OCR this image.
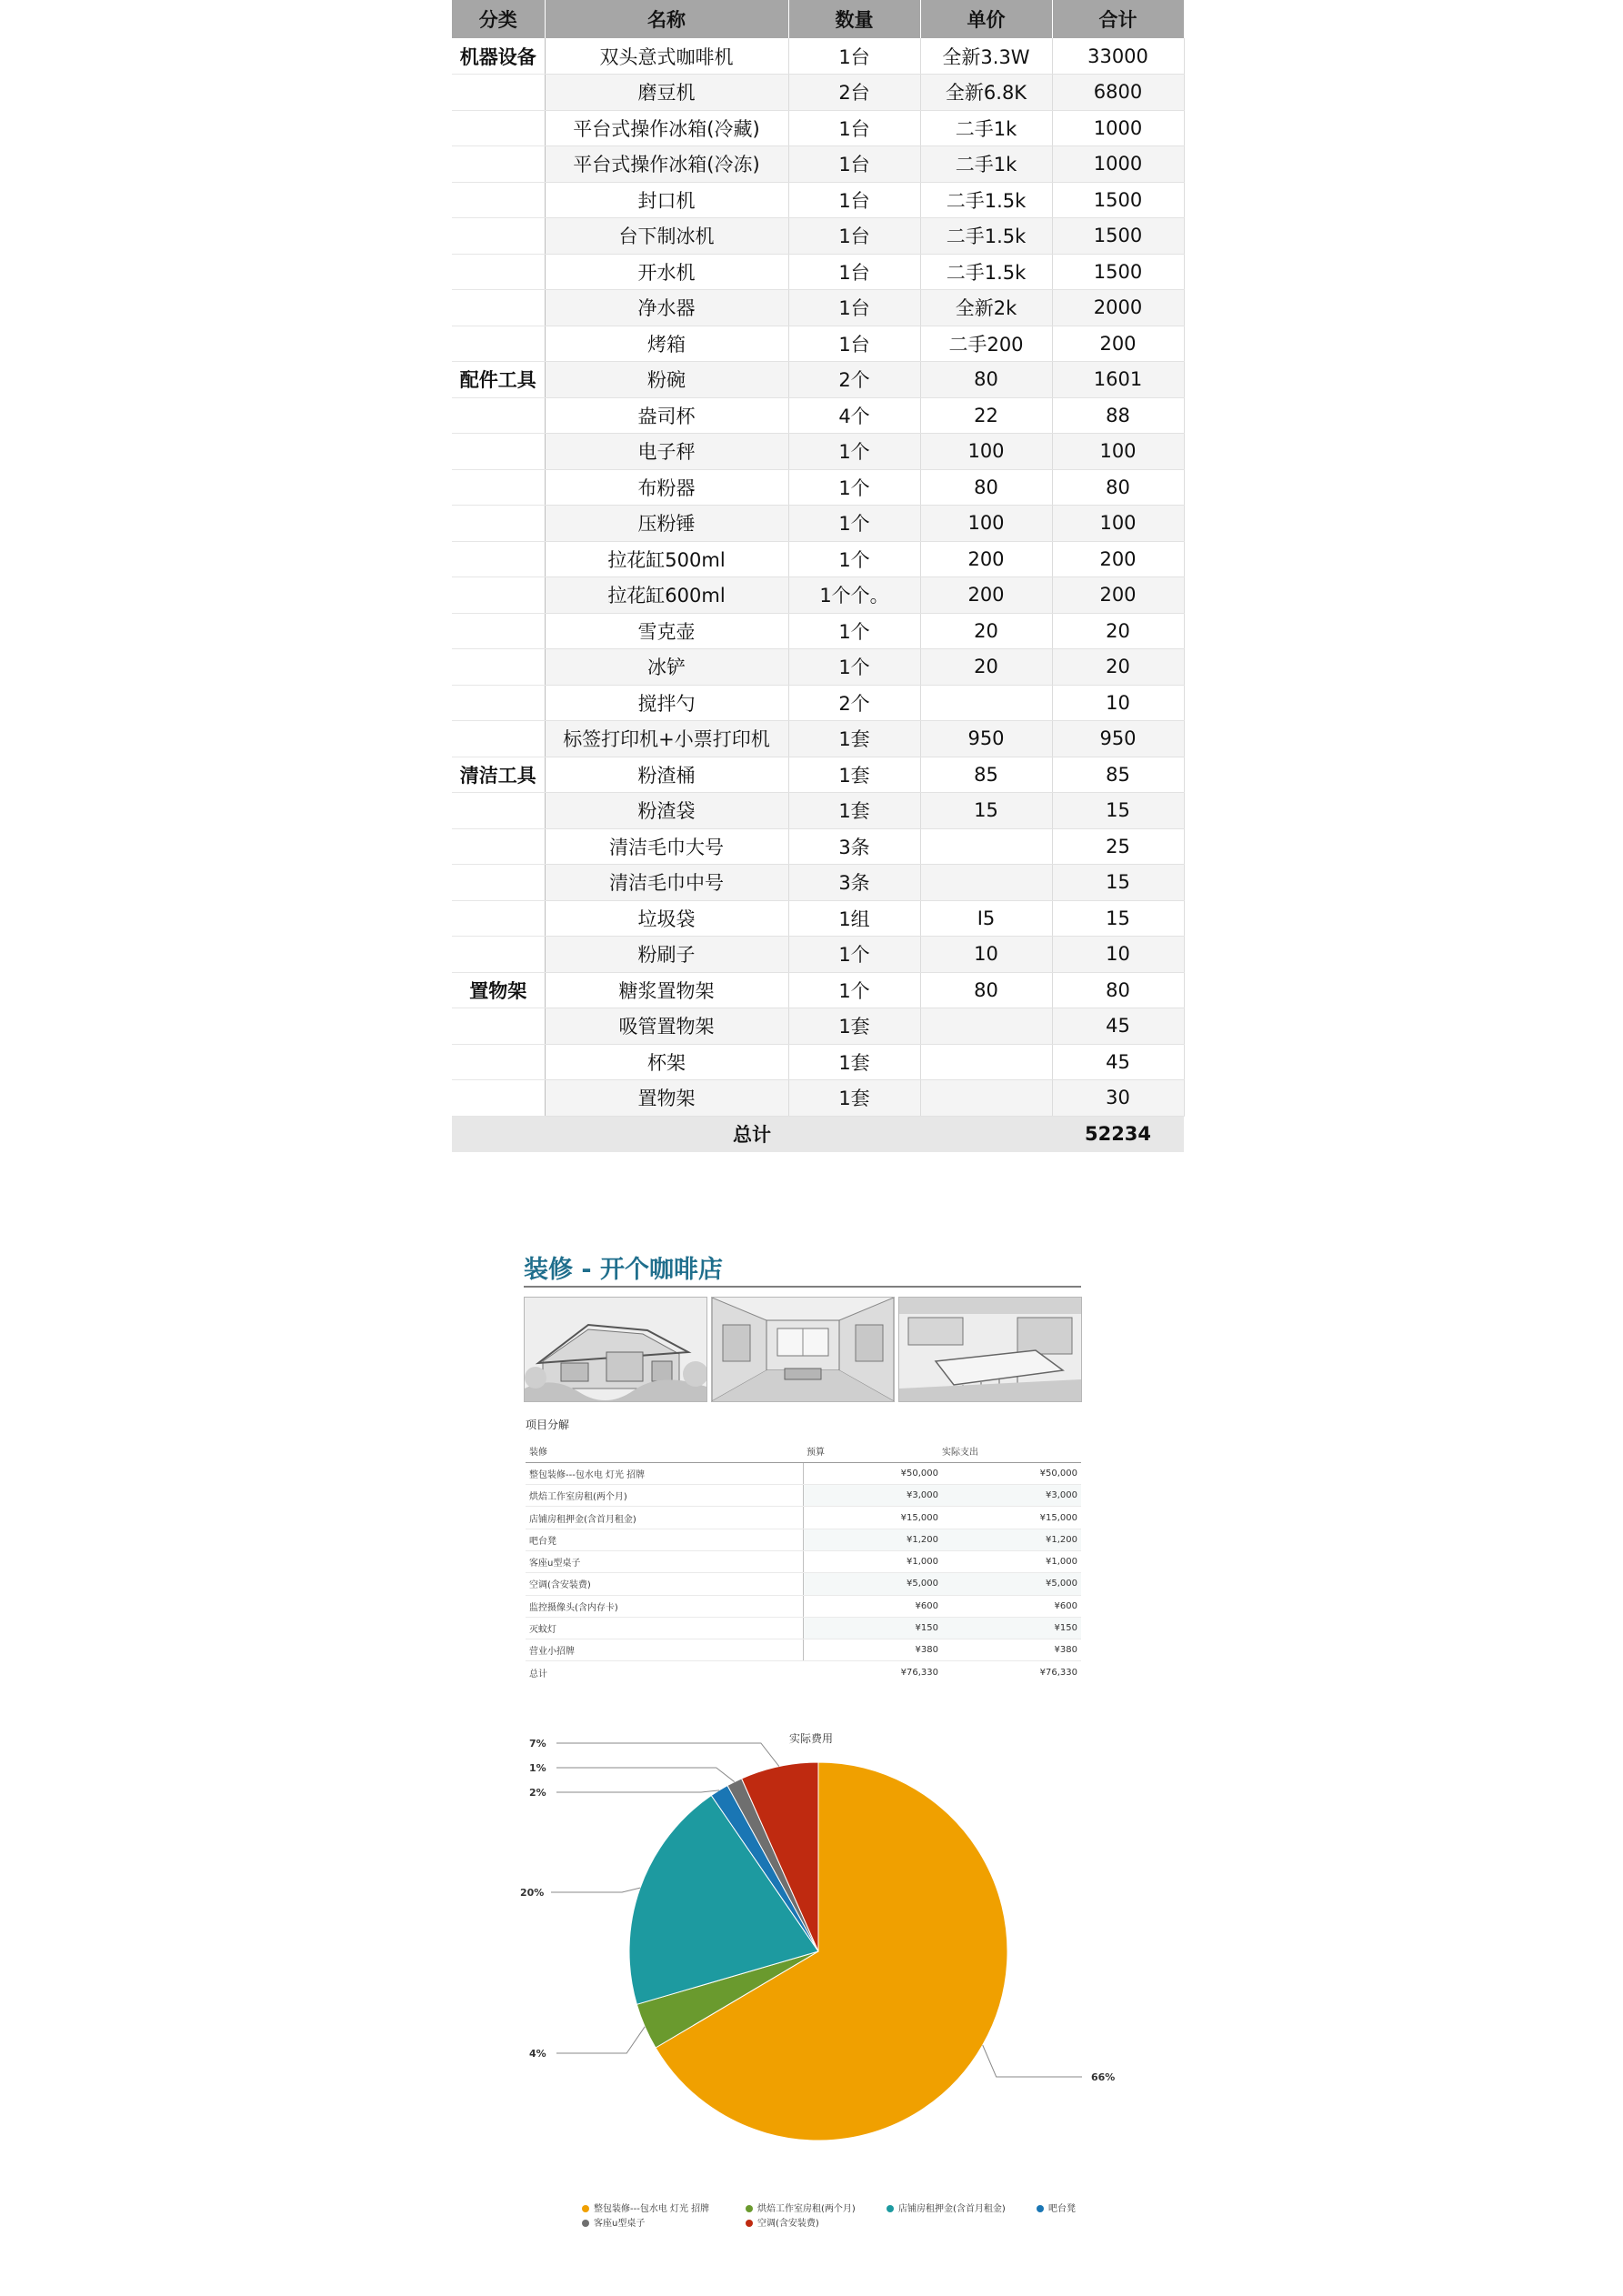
分类	名称	数量	单价	合计
机器设备	双头意式咖啡机	1台	全新3.3W	33000
	磨豆机	2台	全新6.8K	6800
	平台式操作冰箱(冷藏)	1台	二手1k	1000
	平台式操作冰箱(冷冻)	1台	二手1k	1000
	封口机	1台	二手1.5k	1500
	台下制冰机	1台	二手1.5k	1500
	开水机	1台	二手1.5k	1500
	净水器	1台	全新2k	2000
	烤箱	1台	二手200	200
配件工具	粉碗	2个	80	1601
	盎司杯	4个	22	88
	电子秤	1个	100	100
	布粉器	1个	80	80
	压粉锤	1个	100	100
	拉花缸500ml	1个	200	200
	拉花缸600ml	1个个。	200	200
	雪克壶	1个	20	20
	冰铲	1个	20	20
	搅拌勺	2个		10
	标签打印机+小票打印机	1套	950	950
清洁工具	粉渣桶	1套	85	85
	粉渣袋	1套	15	15
	清洁毛巾大号	3条		25
	清洁毛巾中号	3条		15
	垃圾袋	1组	I5	15
	粉刷子	1个	10	10
置物架	糖浆置物架	1个	80	80
	吸管置物架	1套		45
	杯架	1套		45
	置物架	1套		30
总计				52234
装修 - 开个咖啡店
项目分解
装修	预算	实际支出
整包装修---包水电 灯光 招牌	¥50,000	¥50,000
烘焙工作室房租(两个月)	¥3,000	¥3,000
店铺房租押金(含首月租金)	¥15,000	¥15,000
吧台凳	¥1,200	¥1,200
客座u型桌子	¥1,000	¥1,000
空调(含安装费)	¥5,000	¥5,000
监控摄像头(含内存卡)	¥600	¥600
灭蚊灯	¥150	¥150
营业小招牌	¥380	¥380
总计	¥76,330	¥76,330
66%
4%
20%
2%
1%
7%	实际费用
整包装修---包水电 灯光 招牌	烘焙工作室房租(两个月)	店铺房租押金(含首月租金)	吧台凳
客座u型桌子	空调(含安装费)
